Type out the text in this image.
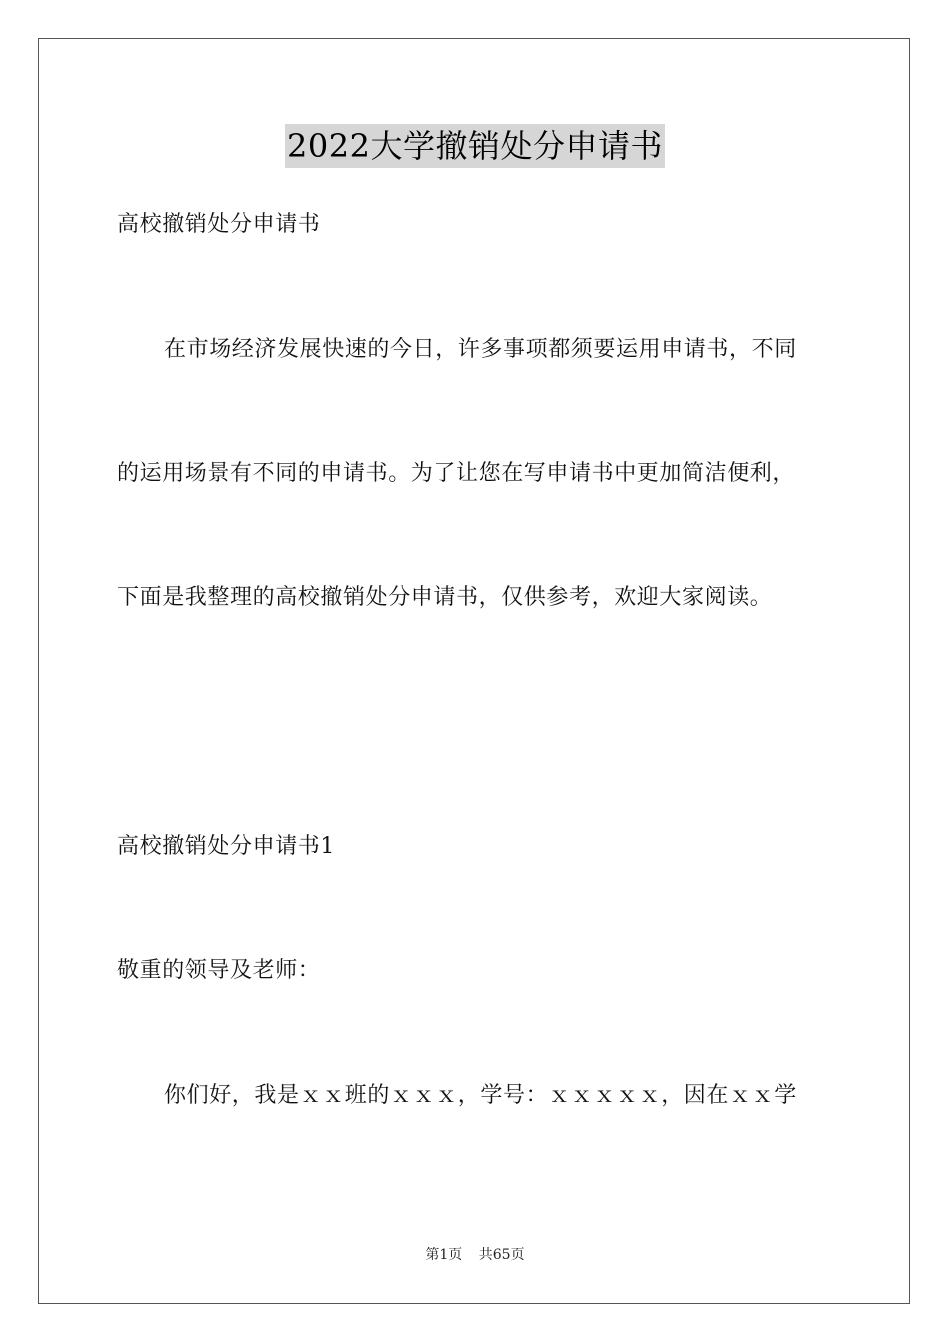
2022大学撤销处分申请书
高校撤销处分申请书
在市场经济发展快速的今日，许多事项都须要运用申请书，不同
的运用场景有不同的申请书。为了让您在写申请书中更加简洁便利，
下面是我整理的高校撤销处分申请书，仅供参考，欢迎大家阅读。
高校撤销处分申请书1
敬重的领导及老师：
你们好，我是ｘｘ班的ｘｘｘ，学号：ｘｘｘｘｘ，因在ｘｘ学
第1页 共65页
